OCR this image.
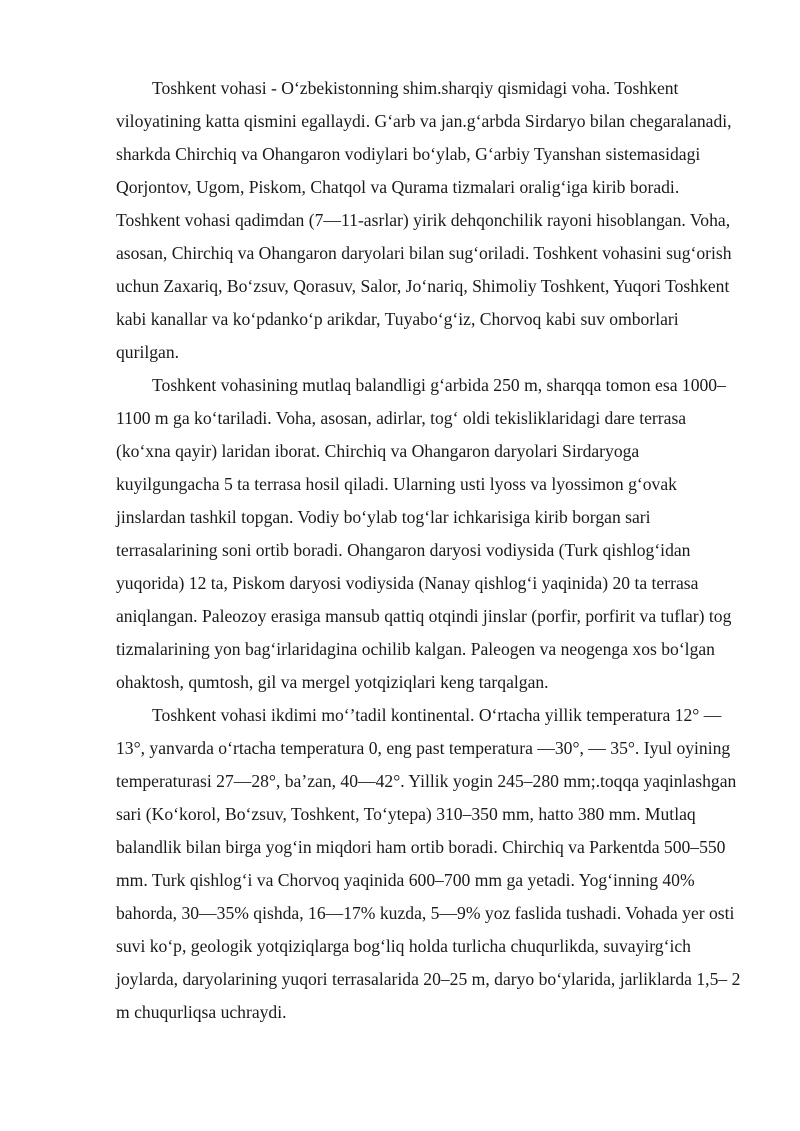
Toshkent vohasi - O‘zbekistonning shim.sharqiy qismidagi voha. Toshkent viloyatining katta qismini egallaydi. G‘arb va jan.g‘arbda Sirdaryo bilan chegaralanadi, sharkda Chirchiq va Ohangaron vodiylari bo‘ylab, G‘arbiy Tyanshan sistemasidagi Qorjontov, Ugom, Piskom, Chatqol va Qurama tizmalari oralig‘iga kirib boradi. Toshkent vohasi qadimdan (7—11-asrlar) yirik dehqonchilik rayoni hisoblangan. Voha, asosan, Chirchiq va Ohangaron daryolari bilan sug‘oriladi. Toshkent vohasini sug‘orish uchun Zaxariq, Bo‘zsuv, Qorasuv, Salor, Jo‘nariq, Shimoliy Toshkent, Yuqori Toshkent kabi kanallar va ko‘pdanko‘p arikdar, Tuyabo‘g‘iz, Chorvoq kabi suv omborlari qurilgan.

Toshkent vohasining mutlaq balandligi g‘arbida 250 m, sharqqa tomon esa 1000–1100 m ga ko‘tariladi. Voha, asosan, adirlar, tog‘ oldi tekisliklaridagi dare terrasa (ko‘xna qayir) laridan iborat. Chirchiq va Ohangaron daryolari Sirdaryoga kuyilgungacha 5 ta terrasa hosil qiladi. Ularning usti lyoss va lyossimon g‘ovak jinslardan tashkil topgan. Vodiy bo‘ylab tog‘lar ichkarisiga kirib borgan sari terrasalarining soni ortib boradi. Ohangaron daryosi vodiysida (Turk qishlog‘idan yuqorida) 12 ta, Piskom daryosi vodiysida (Nanay qishlog‘i yaqinida) 20 ta terrasa aniqlangan. Paleozoy erasiga mansub qattiq otqindi jinslar (porfir, porfirit va tuflar) tog tizmalarining yon bag‘irlaridagina ochilib kalgan. Paleogen va neogenga xos bo‘lgan ohaktosh, qumtosh, gil va mergel yotqiziqlari keng tarqalgan.

Toshkent vohasi ikdimi mo‘’tadil kontinental. O‘rtacha yillik temperatura 12° —13°, yanvarda o‘rtacha temperatura 0, eng past temperatura —30°, — 35°. Iyul oyining temperaturasi 27—28°, ba’zan, 40—42°. Yillik yogin 245–280 mm;.toqqa yaqinlashgan sari (Ko‘korol, Bo‘zsuv, Toshkent, To‘ytepa) 310–350 mm, hatto 380 mm. Mutlaq balandlik bilan birga yog‘in miqdori ham ortib boradi. Chirchiq va Parkentda 500–550 mm. Turk qishlog‘i va Chorvoq yaqinida 600–700 mm ga yetadi. Yog‘inning 40% bahorda, 30—35% qishda, 16—17% kuzda, 5—9% yoz faslida tushadi. Vohada yer osti suvi ko‘p, geologik yotqiziqlarga bog‘liq holda turlicha chuqurlikda, suvayirg‘ich joylarda, daryolarining yuqori terrasalarida 20–25 m, daryo bo‘ylarida, jarliklarda 1,5– 2 m chuqurliqsa uchraydi.
